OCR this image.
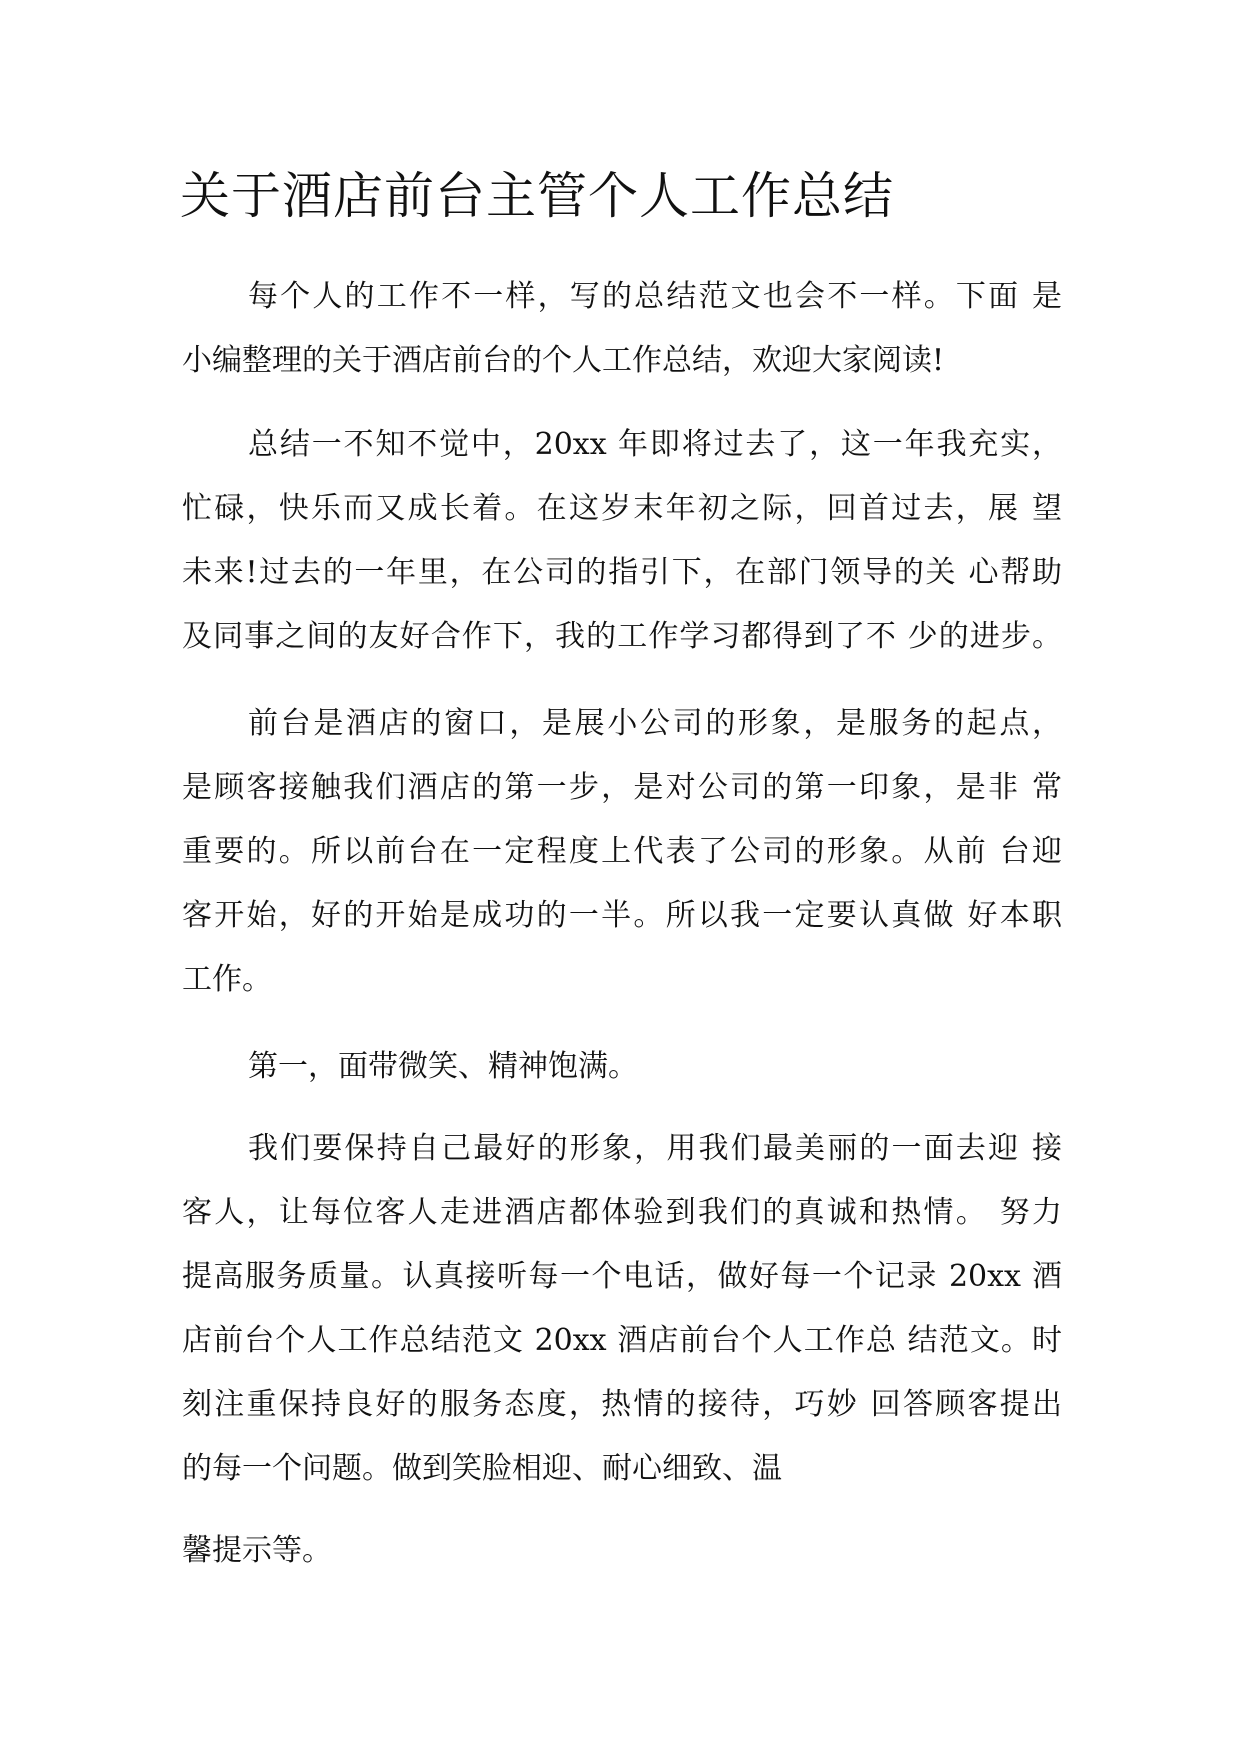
关于酒店前台主管个人工作总结
每个人的工作不一样，写的总结范文也会不一样。下面 是
小编整理的关于酒店前台的个人工作总结，欢迎大家阅读!
总结一不知不觉中，20xx 年即将过去了，这一年我充实，
忙碌，快乐而又成长着。在这岁末年初之际，回首过去，展 望
未来!过去的一年里，在公司的指引下，在部门领导的关 心帮助
及同事之间的友好合作下，我的工作学习都得到了不 少的进步。
前台是酒店的窗口，是展小公司的形象，是服务的起点，
是顾客接触我们酒店的第一步，是对公司的第一印象，是非 常
重要的。所以前台在一定程度上代表了公司的形象。从前 台迎
客开始，好的开始是成功的一半。所以我一定要认真做 好本职
工作。
第一，面带微笑、精神饱满。
我们要保持自己最好的形象，用我们最美丽的一面去迎 接
客人，让每位客人走进酒店都体验到我们的真诚和热情。 努力
提高服务质量。认真接听每一个电话，做好每一个记录 20xx 酒
店前台个人工作总结范文 20xx 酒店前台个人工作总 结范文。时
刻注重保持良好的服务态度，热情的接待，巧妙 回答顾客提出
的每一个问题。做到笑脸相迎、耐心细致、温
馨提示等。
